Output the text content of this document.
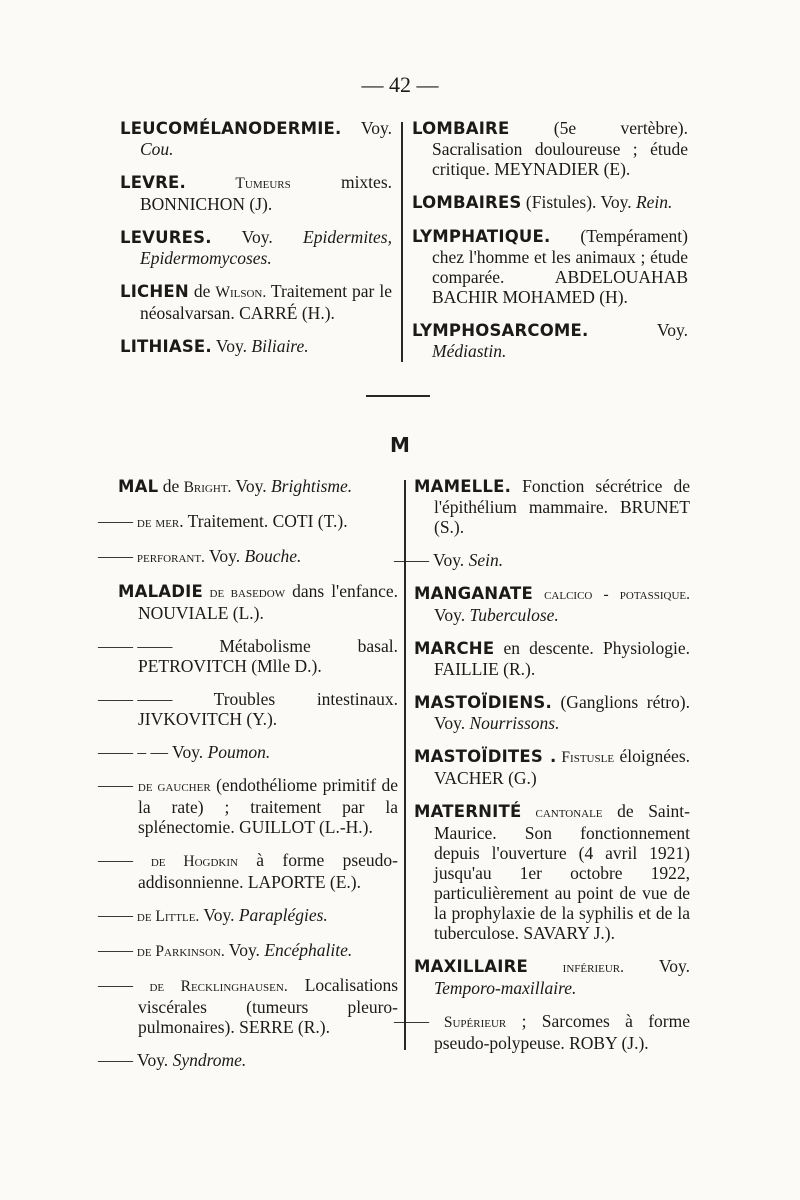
— 42 —
LEUCOMÉLANODERMIE. Voy. Cou.
LEVRE. Tumeurs mixtes. BONNICHON (J).
LEVURES. Voy. Epidermites, Epidermomycoses.
LICHEN de Wilson. Traitement par le néosalvarsan. CARRÉ (H.).
LITHIASE. Voy. Biliaire.
LOMBAIRE (5e vertèbre). Sacralisation douloureuse ; étude critique. MEYNADIER (E).
LOMBAIRES (Fistules). Voy. Rein.
LYMPHATIQUE. (Tempérament) chez l'homme et les animaux ; étude comparée. ABDELOUAHAB BACHIR MOHAMED (H).
LYMPHOSARCOME. Voy. Médiastin.
M
MAL de Bright. Voy. Brightisme.
—— de mer. Traitement. COTI (T.).
—— perforant. Voy. Bouche.
MALADIE de basedow dans l'enfance. NOUVIALE (L.).
—— —— Métabolisme basal. PETROVITCH (Mlle D.).
—— —— Troubles intestinaux. JIVKOVITCH (Y.).
—— – — Voy. Poumon.
—— de gaucher (endothéliome primitif de la rate) ; traitement par la splénectomie. GUILLOT (L.-H.).
—— de Hogdkin à forme pseudo-addisonnienne. LAPORTE (E.).
—— de Little. Voy. Paraplégies.
—— de Parkinson. Voy. Encéphalite.
—— de Recklinghausen. Localisations viscérales (tumeurs pleuro-pulmonaires). SERRE (R.).
—— Voy. Syndrome.
MAMELLE. Fonction sécrétrice de l'épithélium mammaire. BRUNET (S.).
—— Voy. Sein.
MANGANATE calcico - potassique. Voy. Tuberculose.
MARCHE en descente. Physiologie. FAILLIE (R.).
MASTOÏDIENS. (Ganglions rétro). Voy. Nourrissons.
MASTOÏDITES . Fistusle éloignées. VACHER (G.)
MATERNITÉ cantonale de Saint-Maurice. Son fonctionnement depuis l'ouverture (4 avril 1921) jusqu'au 1er octobre 1922, particulièrement au point de vue de la prophylaxie de la syphilis et de la tuberculose. SAVARY J.).
MAXILLAIRE inférieur. Voy. Temporo-maxillaire.
—— Supérieur ; Sarcomes à forme pseudo-polypeuse. ROBY (J.).
